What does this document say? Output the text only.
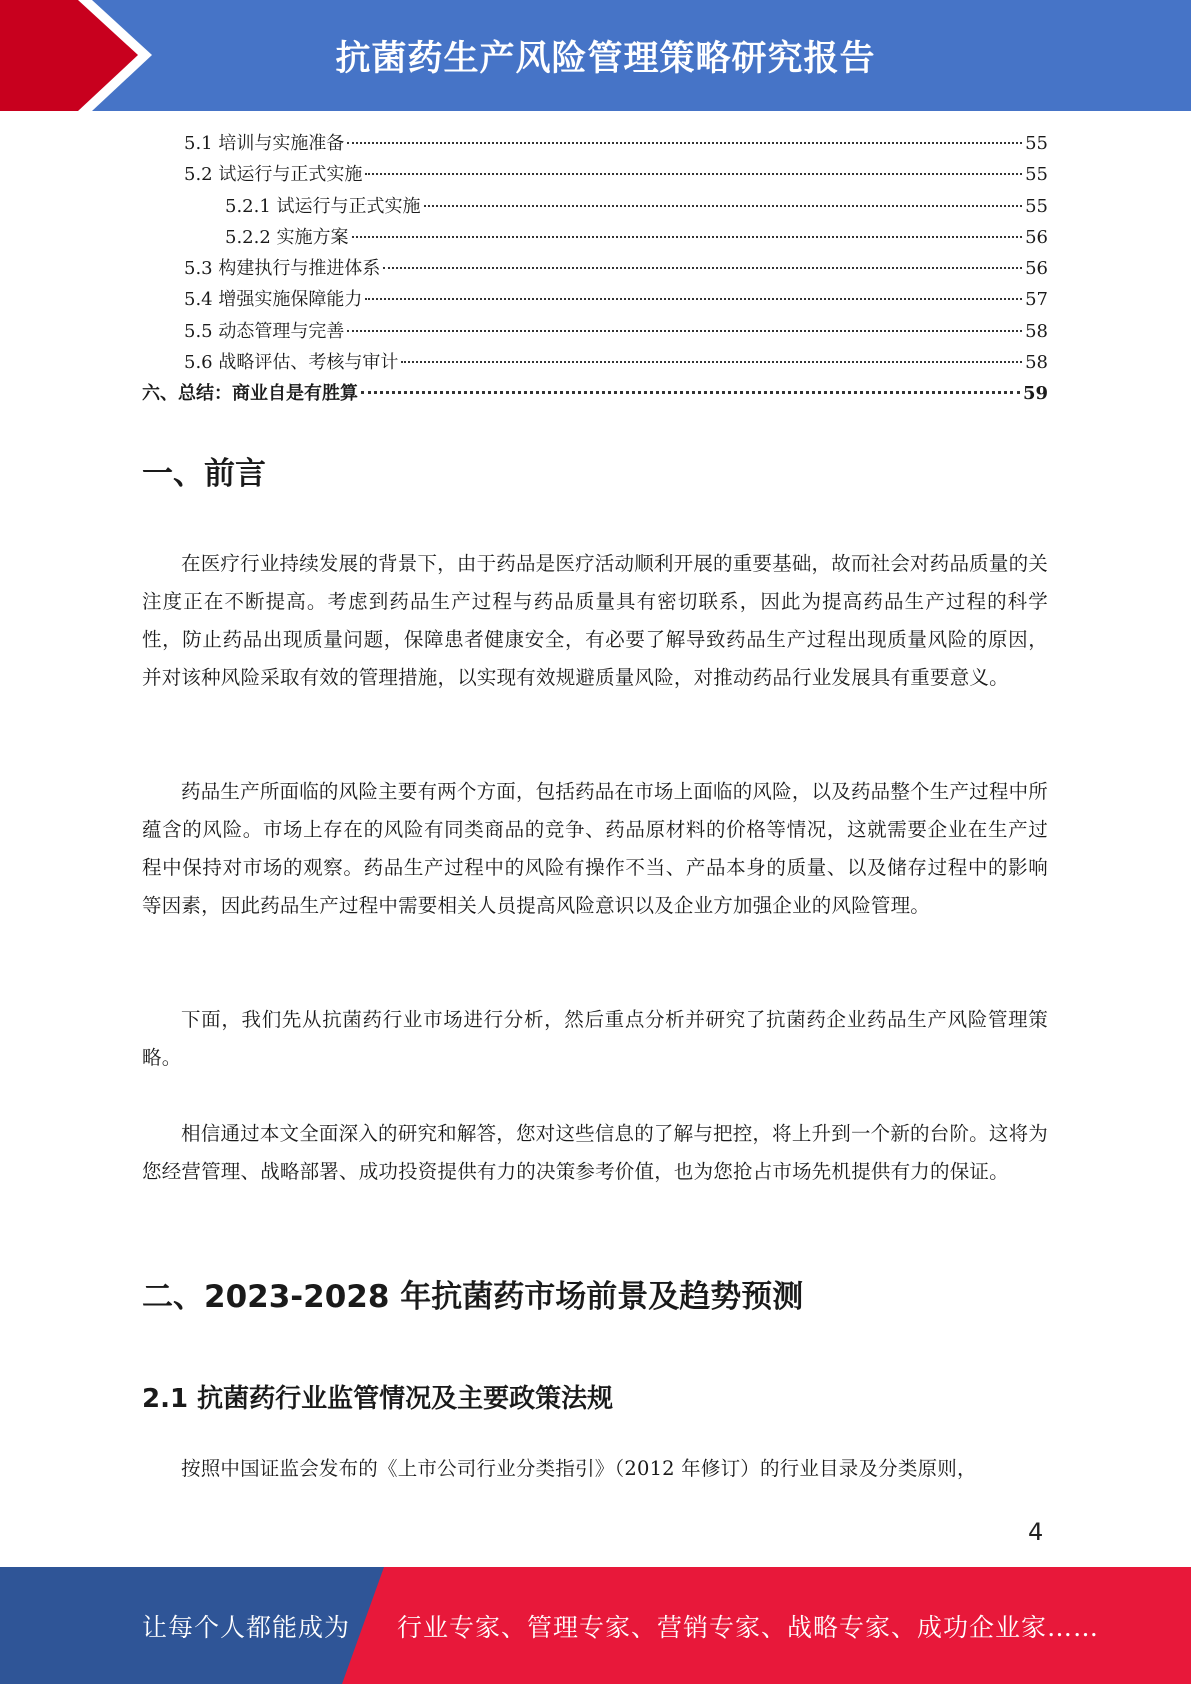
抗菌药生产风险管理策略研究报告
5.1 培训与实施准备	55
5.2 试运行与正式实施	55
5.2.1 试运行与正式实施	55
5.2.2 实施方案	56
5.3 构建执行与推进体系	56
5.4 增强实施保障能力	57
5.5 动态管理与完善	58
5.6 战略评估、考核与审计	58
六、总结：商业自是有胜算	59
一、前言

在医疗行业持续发展的背景下，由于药品是医疗活动顺利开展的重要基础，故而社会对药品质量的关注度正在不断提高。考虑到药品生产过程与药品质量具有密切联系，因此为提高药品生产过程的科学性，防止药品出现质量问题，保障患者健康安全，有必要了解导致药品生产过程出现质量风险的原因，并对该种风险采取有效的管理措施，以实现有效规避质量风险，对推动药品行业发展具有重要意义。

药品生产所面临的风险主要有两个方面，包括药品在市场上面临的风险，以及药品整个生产过程中所蕴含的风险。市场上存在的风险有同类商品的竞争、药品原材料的价格等情况，这就需要企业在生产过程中保持对市场的观察。药品生产过程中的风险有操作不当、产品本身的质量、以及储存过程中的影响等因素，因此药品生产过程中需要相关人员提高风险意识以及企业方加强企业的风险管理。

下面，我们先从抗菌药行业市场进行分析，然后重点分析并研究了抗菌药企业药品生产风险管理策略。

相信通过本文全面深入的研究和解答，您对这些信息的了解与把控，将上升到一个新的台阶。这将为您经营管理、战略部署、成功投资提供有力的决策参考价值，也为您抢占市场先机提供有力的保证。

二、2023-2028 年抗菌药市场前景及趋势预测
2.1 抗菌药行业监管情况及主要政策法规

按照中国证监会发布的《上市公司行业分类指引》（2012 年修订）的行业目录及分类原则，

4
让每个人都能成为 行业专家、管理专家、营销专家、战略专家、成功企业家……
